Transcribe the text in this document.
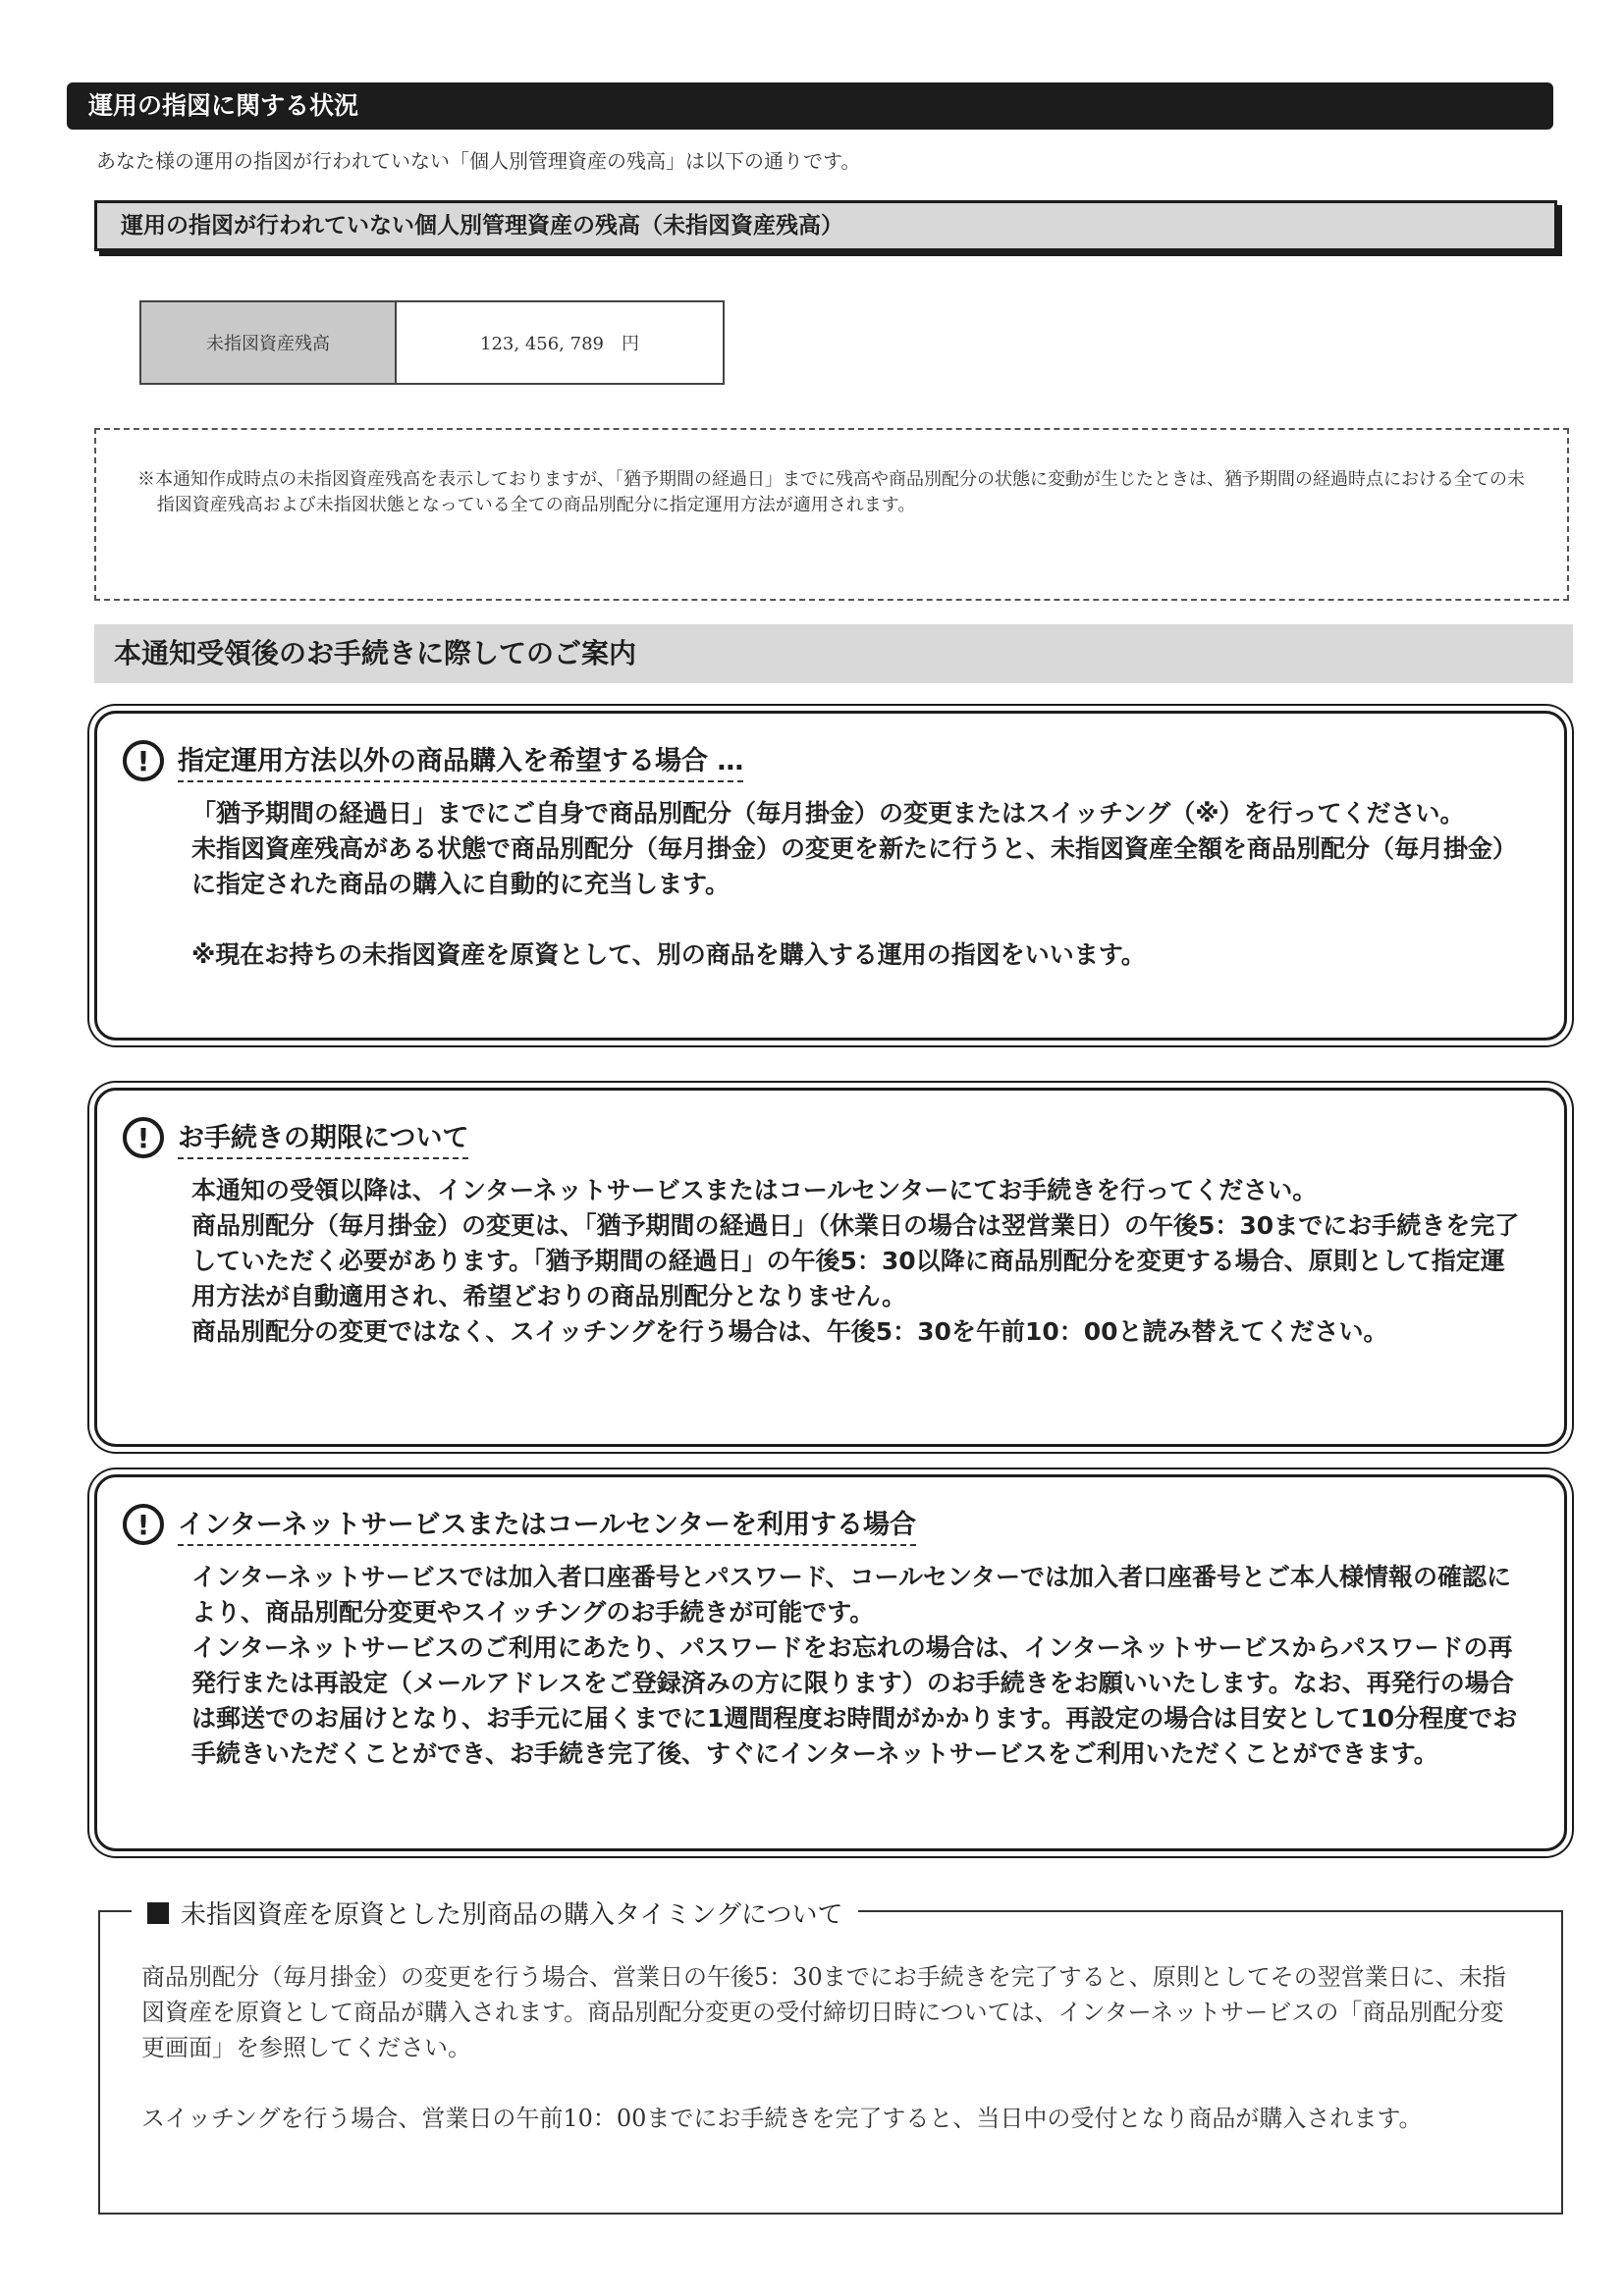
運用の指図に関する状況
あなた様の運用の指図が行われていない「個人別管理資産の残高」は以下の通りです。
運用の指図が行われていない個人別管理資産の残高（未指図資産残高）
未指図資産残高	123, 456, 789　円

※本通知作成時点の未指図資産残高を表示しておりますが、「猶予期間の経過日」までに残高や商品別配分の状態に変動が生じたときは、猶予期間の経過時点における全ての未指図資産残高および未指図状態となっている全ての商品別配分に指定運用方法が適用されます。

本通知受領後のお手続きに際してのご案内
!	指定運用方法以外の商品購入を希望する場合 …

「猶予期間の経過日」までにご自身で商品別配分（毎月掛金）の変更またはスイッチング（※）を行ってください。

未指図資産残高がある状態で商品別配分（毎月掛金）の変更を新たに行うと、未指図資産全額を商品別配分（毎月掛金）に指定された商品の購入に自動的に充当します。

※現在お持ちの未指図資産を原資として、別の商品を購入する運用の指図をいいます。

!	お手続きの期限について

本通知の受領以降は、インターネットサービスまたはコールセンターにてお手続きを行ってください。

商品別配分（毎月掛金）の変更は、「猶予期間の経過日」（休業日の場合は翌営業日）の午後5：30までにお手続きを完了していただく必要があります。「猶予期間の経過日」の午後5：30以降に商品別配分を変更する場合、原則として指定運用方法が自動適用され、希望どおりの商品別配分となりません。

商品別配分の変更ではなく、スイッチングを行う場合は、午後5：30を午前10：00と読み替えてください。

!	インターネットサービスまたはコールセンターを利用する場合

インターネットサービスでは加入者口座番号とパスワード、コールセンターでは加入者口座番号とご本人様情報の確認により、商品別配分変更やスイッチングのお手続きが可能です。

インターネットサービスのご利用にあたり、パスワードをお忘れの場合は、インターネットサービスからパスワードの再発行または再設定（メールアドレスをご登録済みの方に限ります）のお手続きをお願いいたします。なお、再発行の場合は郵送でのお届けとなり、お手元に届くまでに1週間程度お時間がかかります。再設定の場合は目安として10分程度でお手続きいただくことができ、お手続き完了後、すぐにインターネットサービスをご利用いただくことができます。

商品別配分（毎月掛金）の変更を行う場合、営業日の午後5：30までにお手続きを完了すると、原則としてその翌営業日に、未指図資産を原資として商品が購入されます。商品別配分変更の受付締切日時については、インターネットサービスの「商品別配分変更画面」を参照してください。

スイッチングを行う場合、営業日の午前10：00までにお手続きを完了すると、当日中の受付となり商品が購入されます。

未指図資産を原資とした別商品の購入タイミングについて
